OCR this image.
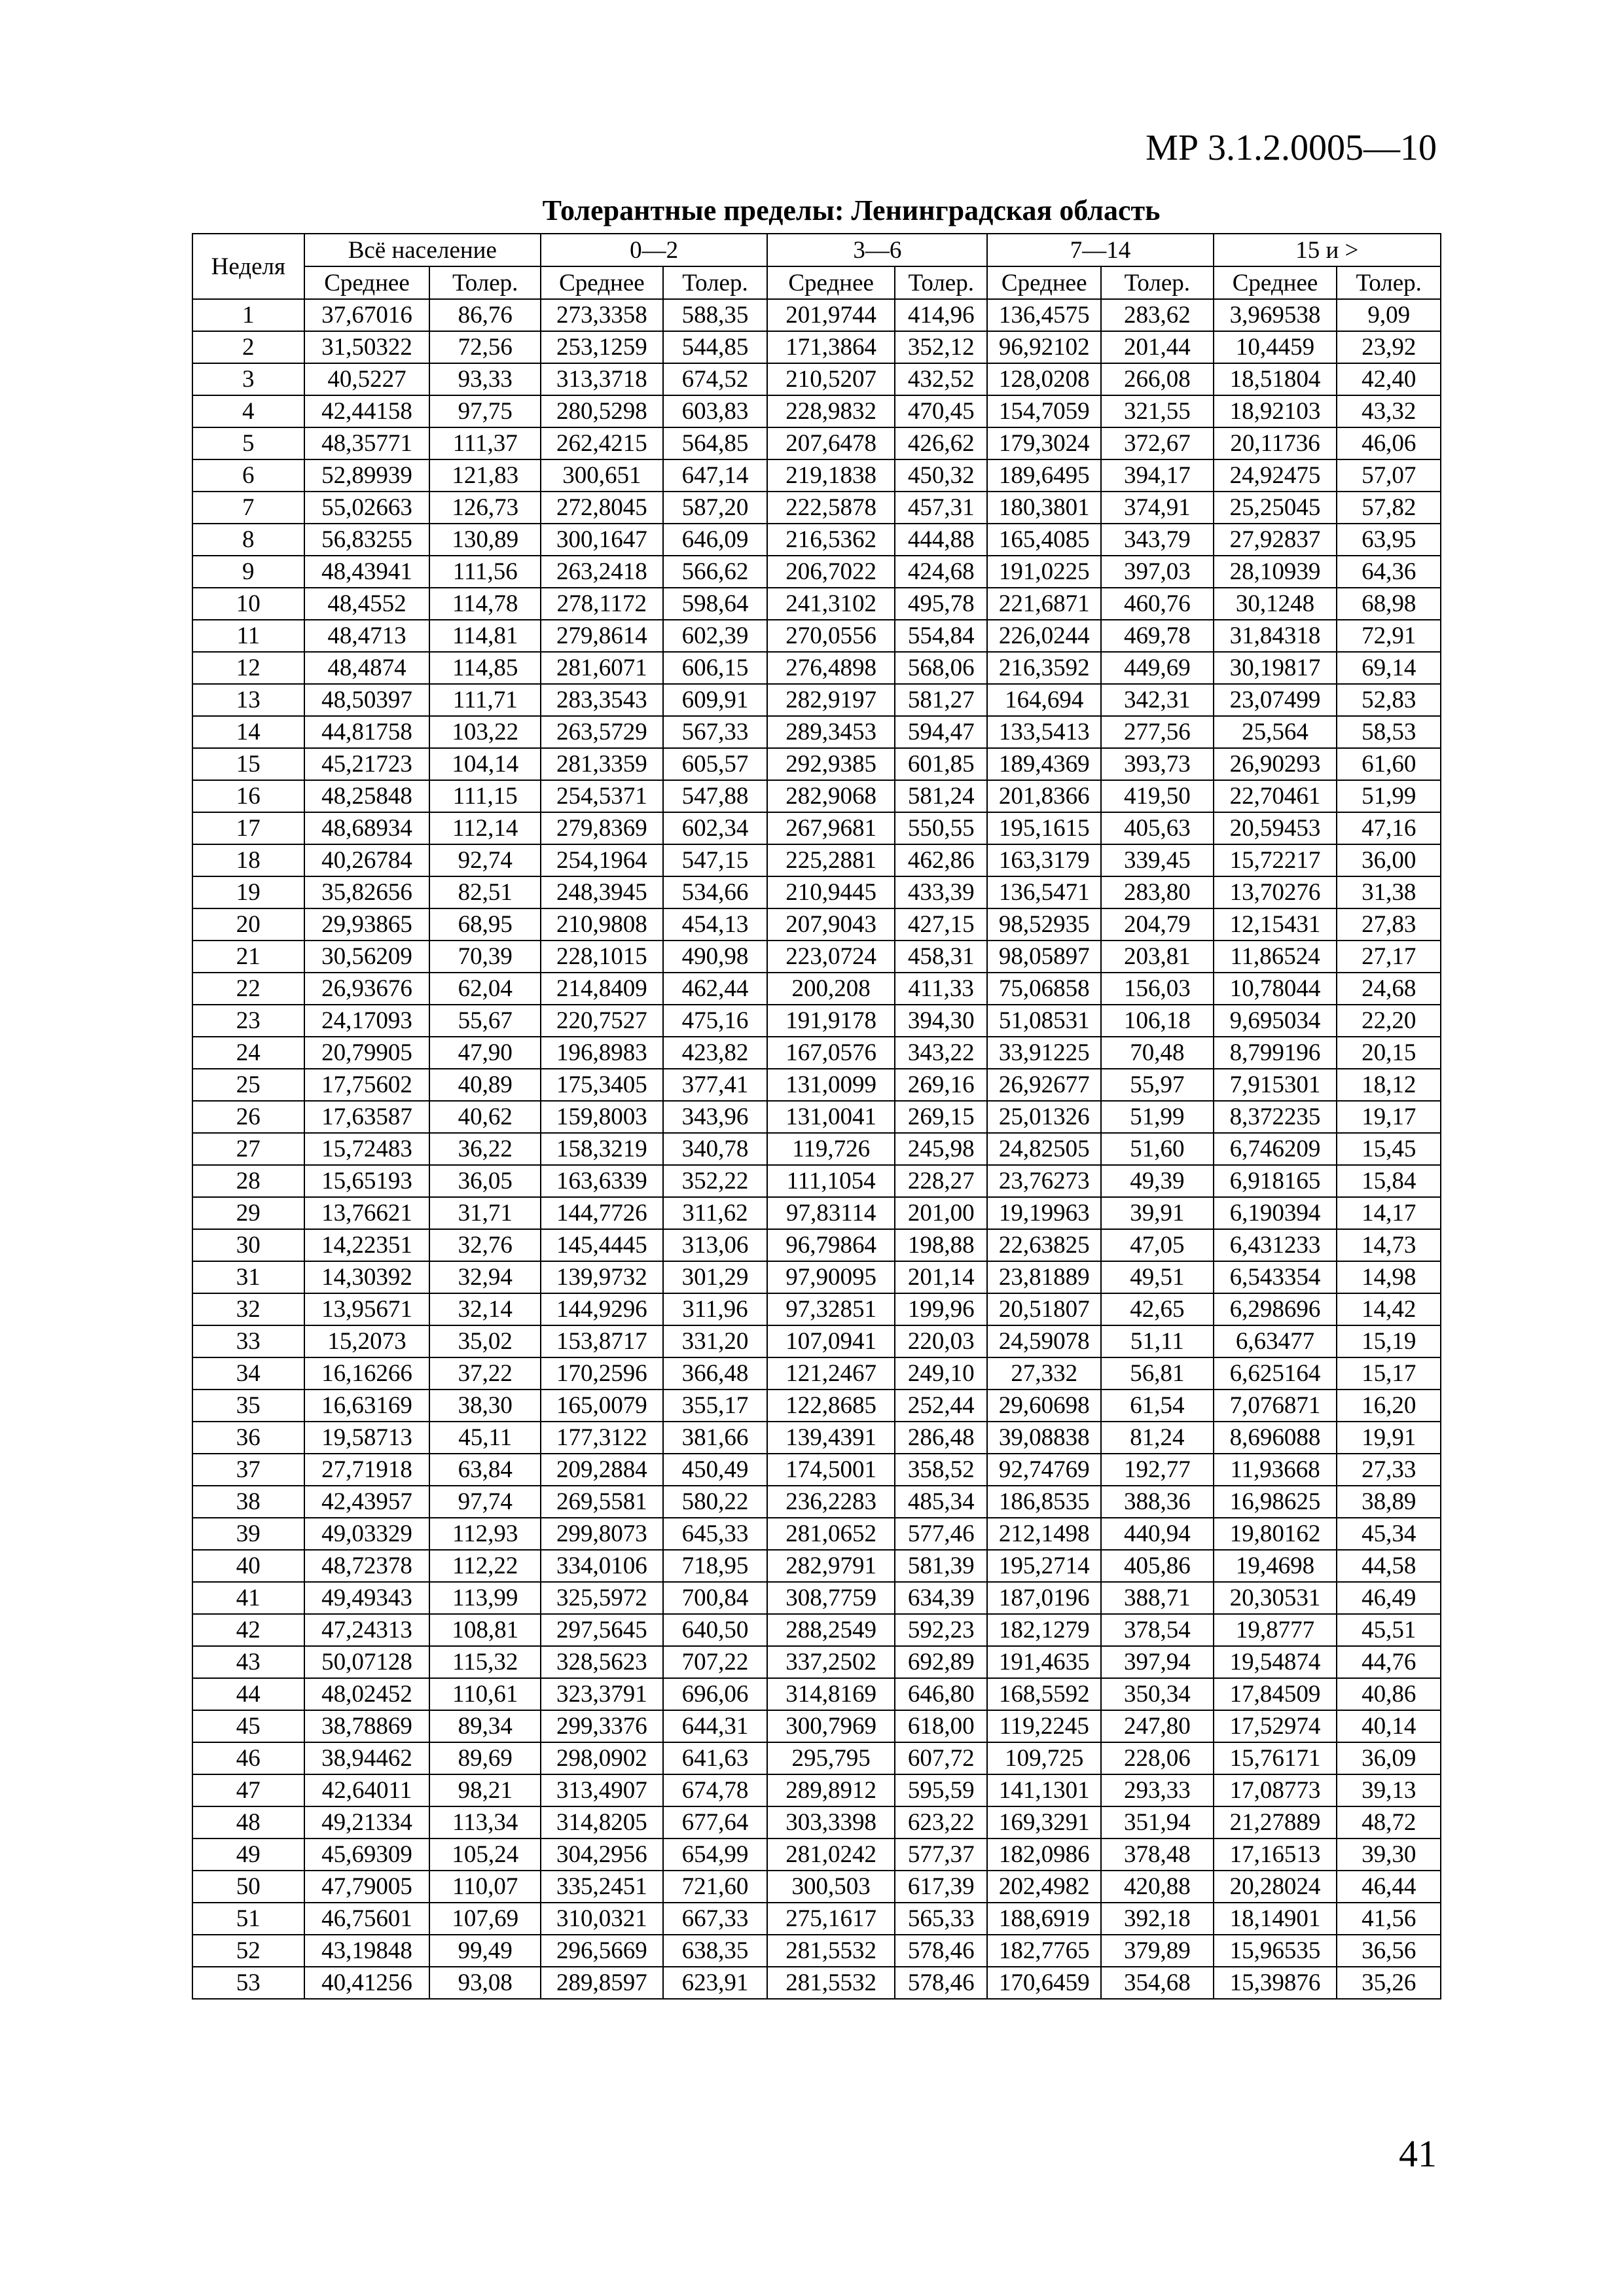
МР 3.1.2.0005—10
Толерантные пределы: Ленинградская область
Неделя	Всё население		0—2		3—6		7—14		15 и >	
	Среднее	Толер.	Среднее	Толер.	Среднее	Толер.	Среднее	Толер.	Среднее	Толер.
1	37,67016	86,76	273,3358	588,35	201,9744	414,96	136,4575	283,62	3,969538	9,09
2	31,50322	72,56	253,1259	544,85	171,3864	352,12	96,92102	201,44	10,4459	23,92
3	40,5227	93,33	313,3718	674,52	210,5207	432,52	128,0208	266,08	18,51804	42,40
4	42,44158	97,75	280,5298	603,83	228,9832	470,45	154,7059	321,55	18,92103	43,32
5	48,35771	111,37	262,4215	564,85	207,6478	426,62	179,3024	372,67	20,11736	46,06
6	52,89939	121,83	300,651	647,14	219,1838	450,32	189,6495	394,17	24,92475	57,07
7	55,02663	126,73	272,8045	587,20	222,5878	457,31	180,3801	374,91	25,25045	57,82
8	56,83255	130,89	300,1647	646,09	216,5362	444,88	165,4085	343,79	27,92837	63,95
9	48,43941	111,56	263,2418	566,62	206,7022	424,68	191,0225	397,03	28,10939	64,36
10	48,4552	114,78	278,1172	598,64	241,3102	495,78	221,6871	460,76	30,1248	68,98
11	48,4713	114,81	279,8614	602,39	270,0556	554,84	226,0244	469,78	31,84318	72,91
12	48,4874	114,85	281,6071	606,15	276,4898	568,06	216,3592	449,69	30,19817	69,14
13	48,50397	111,71	283,3543	609,91	282,9197	581,27	164,694	342,31	23,07499	52,83
14	44,81758	103,22	263,5729	567,33	289,3453	594,47	133,5413	277,56	25,564	58,53
15	45,21723	104,14	281,3359	605,57	292,9385	601,85	189,4369	393,73	26,90293	61,60
16	48,25848	111,15	254,5371	547,88	282,9068	581,24	201,8366	419,50	22,70461	51,99
17	48,68934	112,14	279,8369	602,34	267,9681	550,55	195,1615	405,63	20,59453	47,16
18	40,26784	92,74	254,1964	547,15	225,2881	462,86	163,3179	339,45	15,72217	36,00
19	35,82656	82,51	248,3945	534,66	210,9445	433,39	136,5471	283,80	13,70276	31,38
20	29,93865	68,95	210,9808	454,13	207,9043	427,15	98,52935	204,79	12,15431	27,83
21	30,56209	70,39	228,1015	490,98	223,0724	458,31	98,05897	203,81	11,86524	27,17
22	26,93676	62,04	214,8409	462,44	200,208	411,33	75,06858	156,03	10,78044	24,68
23	24,17093	55,67	220,7527	475,16	191,9178	394,30	51,08531	106,18	9,695034	22,20
24	20,79905	47,90	196,8983	423,82	167,0576	343,22	33,91225	70,48	8,799196	20,15
25	17,75602	40,89	175,3405	377,41	131,0099	269,16	26,92677	55,97	7,915301	18,12
26	17,63587	40,62	159,8003	343,96	131,0041	269,15	25,01326	51,99	8,372235	19,17
27	15,72483	36,22	158,3219	340,78	119,726	245,98	24,82505	51,60	6,746209	15,45
28	15,65193	36,05	163,6339	352,22	111,1054	228,27	23,76273	49,39	6,918165	15,84
29	13,76621	31,71	144,7726	311,62	97,83114	201,00	19,19963	39,91	6,190394	14,17
30	14,22351	32,76	145,4445	313,06	96,79864	198,88	22,63825	47,05	6,431233	14,73
31	14,30392	32,94	139,9732	301,29	97,90095	201,14	23,81889	49,51	6,543354	14,98
32	13,95671	32,14	144,9296	311,96	97,32851	199,96	20,51807	42,65	6,298696	14,42
33	15,2073	35,02	153,8717	331,20	107,0941	220,03	24,59078	51,11	6,63477	15,19
34	16,16266	37,22	170,2596	366,48	121,2467	249,10	27,332	56,81	6,625164	15,17
35	16,63169	38,30	165,0079	355,17	122,8685	252,44	29,60698	61,54	7,076871	16,20
36	19,58713	45,11	177,3122	381,66	139,4391	286,48	39,08838	81,24	8,696088	19,91
37	27,71918	63,84	209,2884	450,49	174,5001	358,52	92,74769	192,77	11,93668	27,33
38	42,43957	97,74	269,5581	580,22	236,2283	485,34	186,8535	388,36	16,98625	38,89
39	49,03329	112,93	299,8073	645,33	281,0652	577,46	212,1498	440,94	19,80162	45,34
40	48,72378	112,22	334,0106	718,95	282,9791	581,39	195,2714	405,86	19,4698	44,58
41	49,49343	113,99	325,5972	700,84	308,7759	634,39	187,0196	388,71	20,30531	46,49
42	47,24313	108,81	297,5645	640,50	288,2549	592,23	182,1279	378,54	19,8777	45,51
43	50,07128	115,32	328,5623	707,22	337,2502	692,89	191,4635	397,94	19,54874	44,76
44	48,02452	110,61	323,3791	696,06	314,8169	646,80	168,5592	350,34	17,84509	40,86
45	38,78869	89,34	299,3376	644,31	300,7969	618,00	119,2245	247,80	17,52974	40,14
46	38,94462	89,69	298,0902	641,63	295,795	607,72	109,725	228,06	15,76171	36,09
47	42,64011	98,21	313,4907	674,78	289,8912	595,59	141,1301	293,33	17,08773	39,13
48	49,21334	113,34	314,8205	677,64	303,3398	623,22	169,3291	351,94	21,27889	48,72
49	45,69309	105,24	304,2956	654,99	281,0242	577,37	182,0986	378,48	17,16513	39,30
50	47,79005	110,07	335,2451	721,60	300,503	617,39	202,4982	420,88	20,28024	46,44
51	46,75601	107,69	310,0321	667,33	275,1617	565,33	188,6919	392,18	18,14901	41,56
52	43,19848	99,49	296,5669	638,35	281,5532	578,46	182,7765	379,89	15,96535	36,56
53	40,41256	93,08	289,8597	623,91	281,5532	578,46	170,6459	354,68	15,39876	35,26
41
